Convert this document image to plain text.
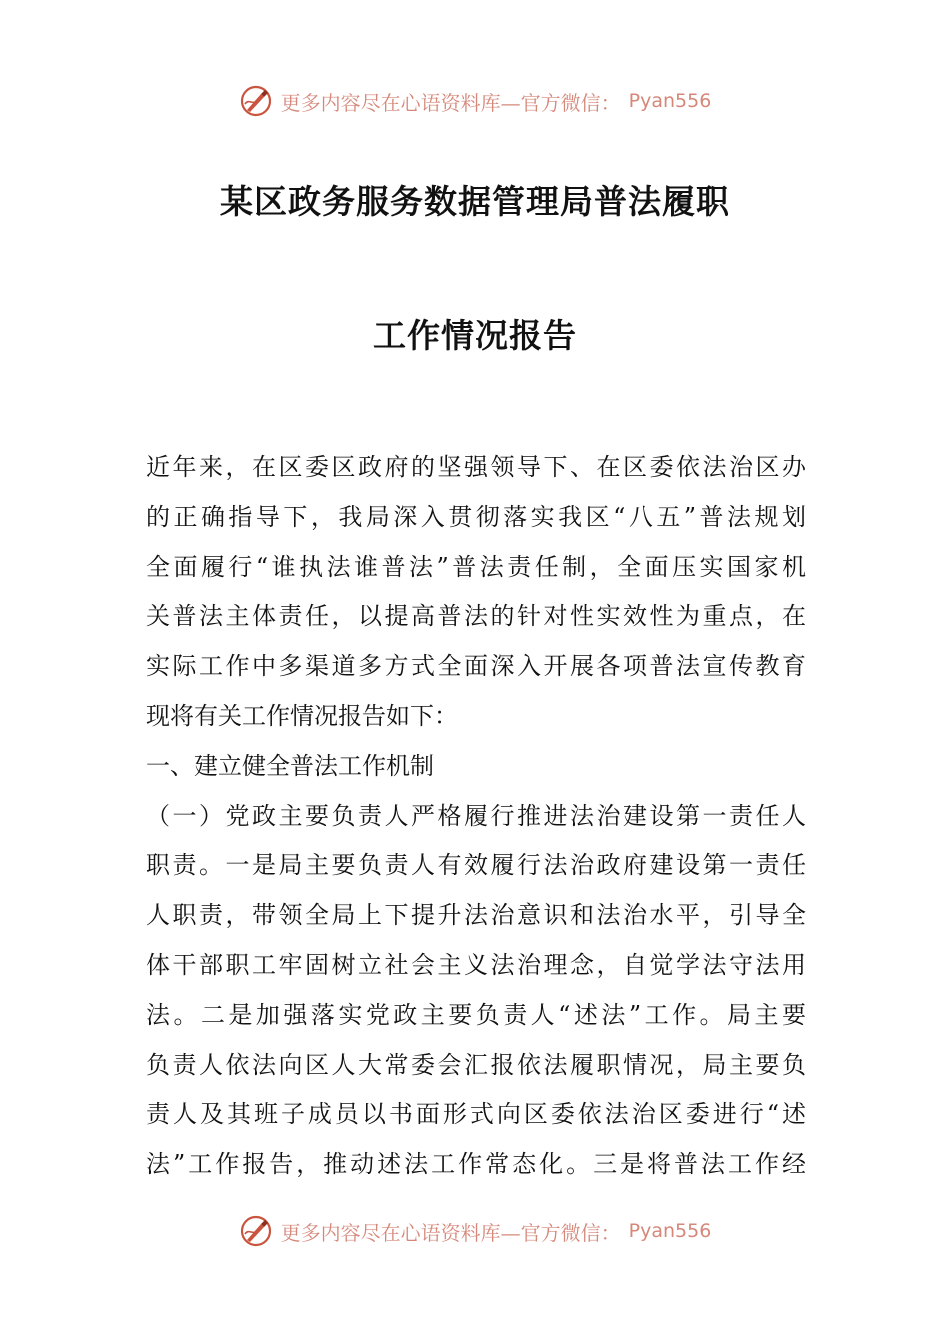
更多内容尽在心语资料库—官方微信： Pyan556
某区政务服务数据管理局普法履职
工作情况报告
近年来，在区委区政府的坚强领导下、在区委依法治区办
的正确指导下，我局深入贯彻落实我区“八五”普法规划
全面履行“谁执法谁普法”普法责任制，全面压实国家机
关普法主体责任，以提高普法的针对性实效性为重点，在
实际工作中多渠道多方式全面深入开展各项普法宣传教育
现将有关工作情况报告如下：
一、建立健全普法工作机制
（一）党政主要负责人严格履行推进法治建设第一责任人
职责。一是局主要负责人有效履行法治政府建设第一责任
人职责，带领全局上下提升法治意识和法治水平，引导全
体干部职工牢固树立社会主义法治理念，自觉学法守法用
法。二是加强落实党政主要负责人“述法”工作。局主要
负责人依法向区人大常委会汇报依法履职情况，局主要负
责人及其班子成员以书面形式向区委依法治区委进行“述
法”工作报告，推动述法工作常态化。三是将普法工作经
更多内容尽在心语资料库—官方微信： Pyan556
